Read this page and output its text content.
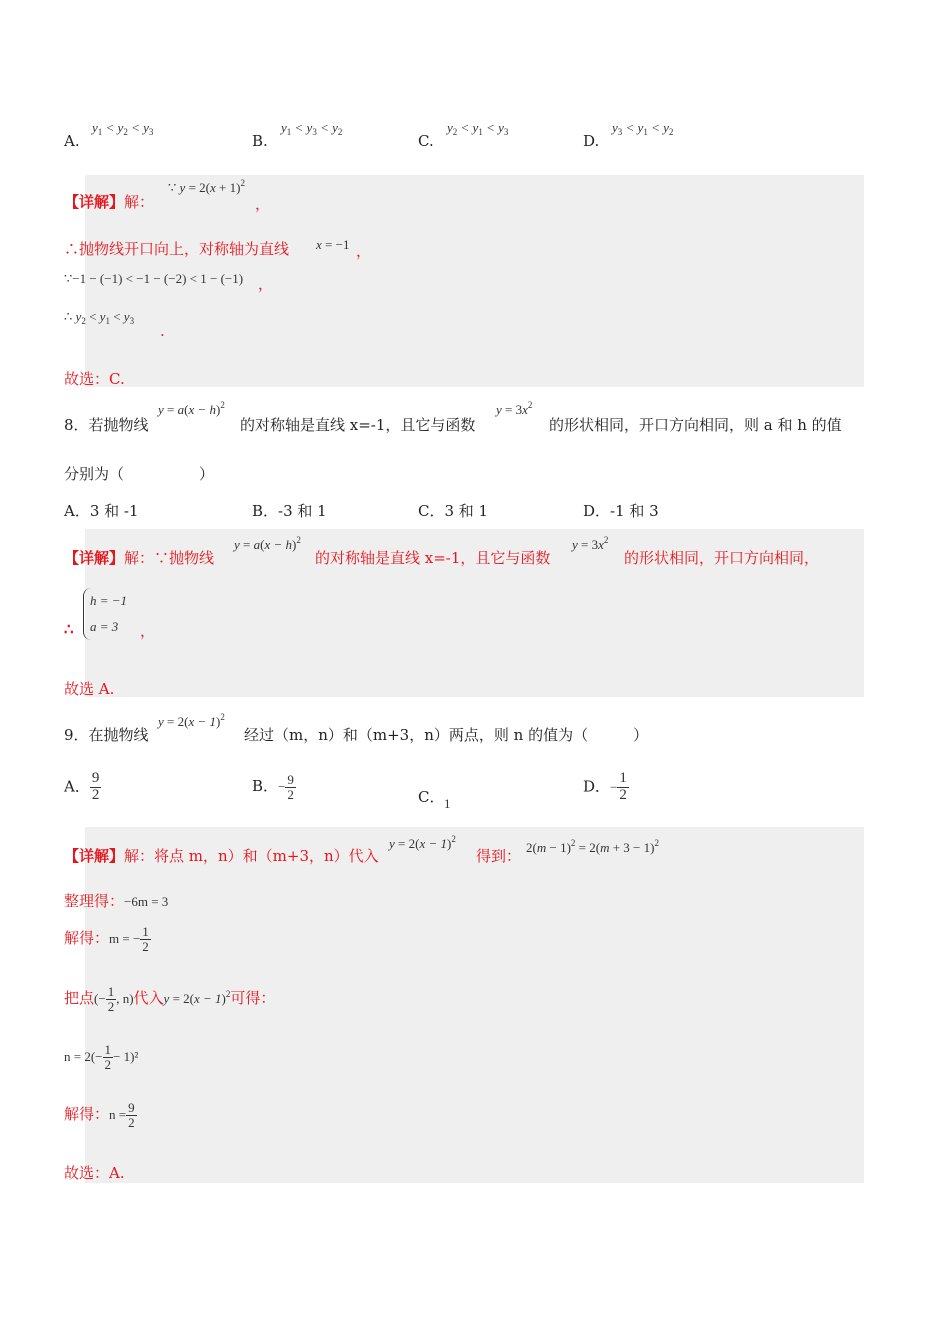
A.
$y_1 < y_2 < y_3$	B.
$y_1 < y_3 < y_2$	C.
$y_2 < y_1 < y_3$	D.
$y_3 < y_1 < y_2$
【详解】解：
∵ $y = 2(x + 1)^2$
，
∴抛物线开口向上，对称轴为直线 x = −1 ，
∵−1 − (−1) < −1 − (−2) < 1 − (−1) ，
∴ $y_2 < y_1 < y_3$
.
故选：C.
8．若抛物线
$y = a(x - h)^2$
的对称轴是直线 x=-1，且它与函数
$y = 3x^2$
的形状相同，开口方向相同，则 a 和 h 的值
分别为（　　　　　）
A．3 和 -1	B．-3 和 1	C．3 和 1	D．-1 和 3
【详解】解：∵抛物线
$y = a(x - h)^2$
的对称轴是直线 x=-1，且它与函数
$y = 3x^2$
的形状相同，开口方向相同，
∴
h = −1
a = 3	，
故选 A.
9．在抛物线
$y = 2(x - 1)^2$
经过（m，n）和（m+3，n）两点，则 n 的值为（　　　）
A． $\frac{9}{2}$	B．− $\frac{9}{2}$	C． 1
D．− $\frac{1}{2}$
【详解】解：将点 m，n）和（m+3，n）代入
$y = 2(x - 1)^2$
得到： $2(m - 1)^2 = 2(m + 3 - 1)^2$
整理得：−6m = 3
解得：m = − $\frac{1}{2}$
把点(− $\frac{1}{2}$ , n)代入$y = 2(x - 1)^2$可得：
$n = 2(- \frac{1}{2} - 1)^2$
解得：$n = \frac{9}{2}$
故选：A.
